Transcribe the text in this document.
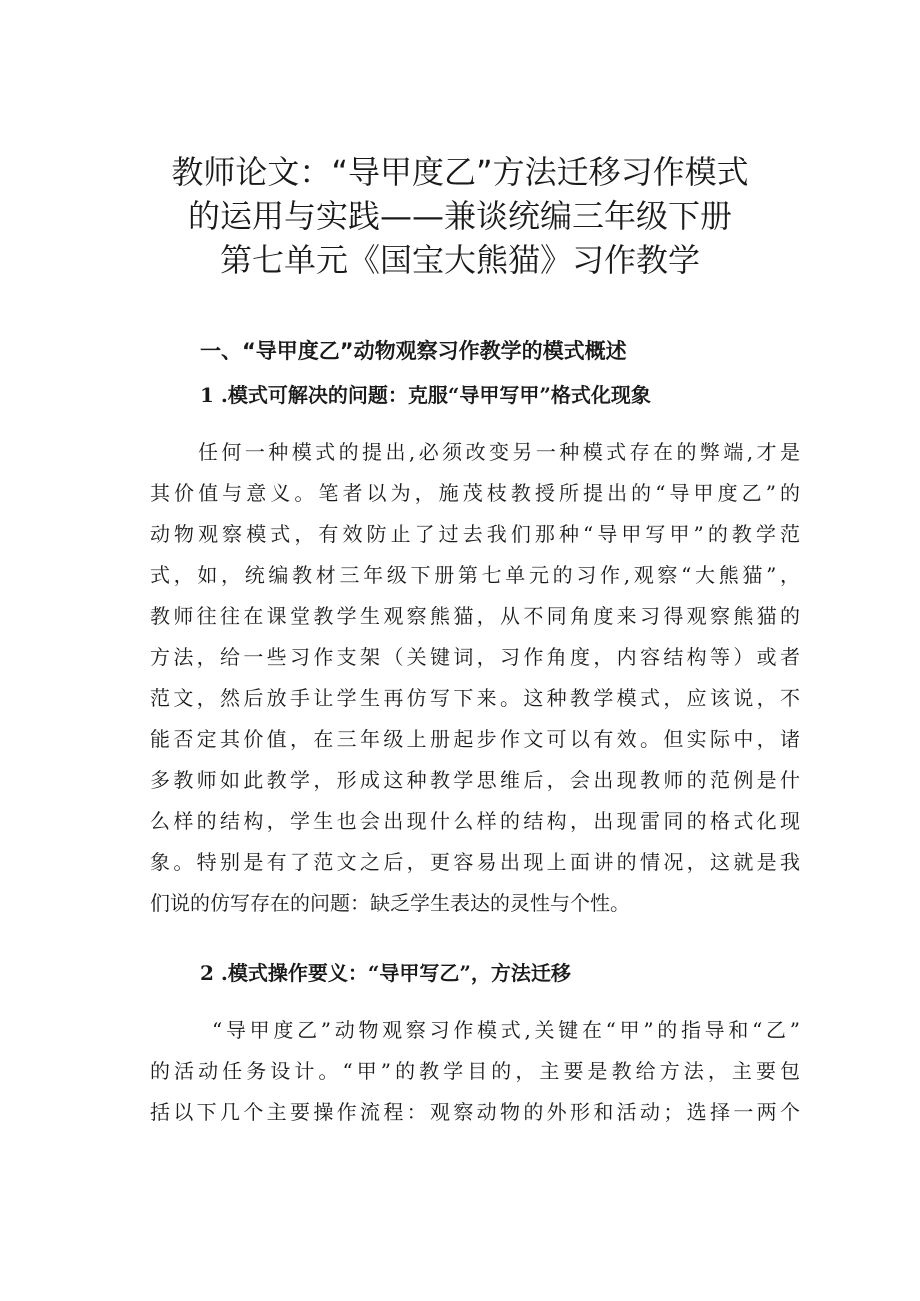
教师论文：“导甲度乙”方法迁移习作模式
的运用与实践——兼谈统编三年级下册
第七单元《国宝大熊猫》习作教学
一、“导甲度乙”动物观察习作教学的模式概述
1 .模式可解决的问题：克服“导甲写甲”格式化现象
任何一种模式的提出,必须改变另一种模式存在的弊端,才是
其价值与意义。笔者以为，施茂枝教授所提出的“导甲度乙”的
动物观察模式，有效防止了过去我们那种“导甲写甲”的教学范
式，如，统编教材三年级下册第七单元的习作,观察“大熊猫”，
教师往往在课堂教学生观察熊猫，从不同角度来习得观察熊猫的
方法，给一些习作支架（关键词，习作角度，内容结构等）或者
范文，然后放手让学生再仿写下来。这种教学模式，应该说，不
能否定其价值，在三年级上册起步作文可以有效。但实际中，诸
多教师如此教学，形成这种教学思维后，会出现教师的范例是什
么样的结构，学生也会出现什么样的结构，出现雷同的格式化现
象。特别是有了范文之后，更容易出现上面讲的情况，这就是我
们说的仿写存在的问题：缺乏学生表达的灵性与个性。
2 .模式操作要义：“导甲写乙”，方法迁移
“导甲度乙”动物观察习作模式,关键在“甲”的指导和“乙”
的活动任务设计。“甲”的教学目的，主要是教给方法，主要包
括以下几个主要操作流程：观察动物的外形和活动；选择一两个
